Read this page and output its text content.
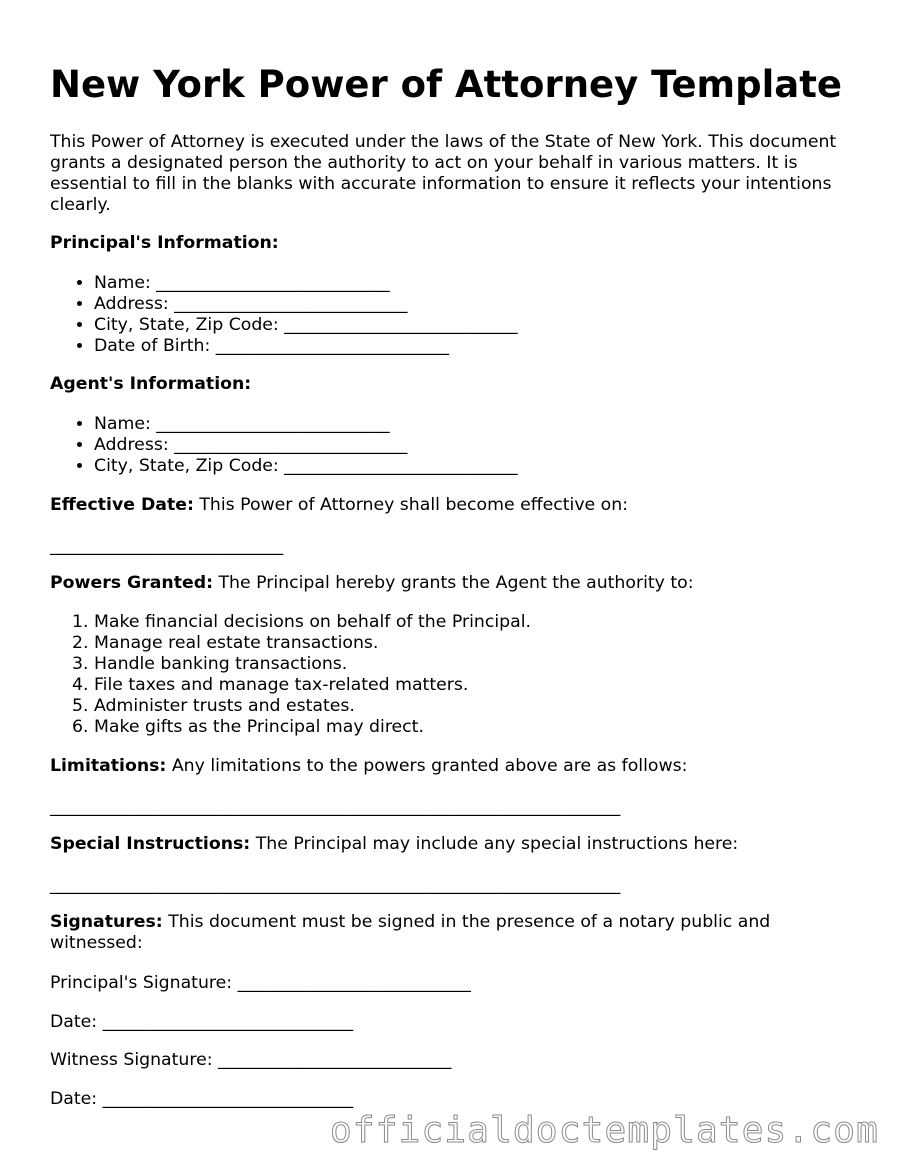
New York Power of Attorney Template

This Power of Attorney is executed under the laws of the State of New York. This document grants a designated person the authority to act on your behalf in various matters. It is essential to fill in the blanks with accurate information to ensure it reflects your intentions clearly.

Principal's Information:

• Name: ___________________________
• Address: ___________________________
• City, State, Zip Code: ___________________________
• Date of Birth: ___________________________

Agent's Information:

• Name: ___________________________
• Address: ___________________________
• City, State, Zip Code: ___________________________

Effective Date: This Power of Attorney shall become effective on:

___________________________

Powers Granted: The Principal hereby grants the Agent the authority to:

1. Make financial decisions on behalf of the Principal.
2. Manage real estate transactions.
3. Handle banking transactions.
4. File taxes and manage tax-related matters.
5. Administer trusts and estates.
6. Make gifts as the Principal may direct.

Limitations: Any limitations to the powers granted above are as follows:

__________________________________________________________________

Special Instructions: The Principal may include any special instructions here:

__________________________________________________________________

Signatures: This document must be signed in the presence of a notary public and witnessed:

Principal's Signature: ___________________________

Date: _____________________________

Witness Signature: ___________________________

Date: _____________________________

officialdoctemplates.com
